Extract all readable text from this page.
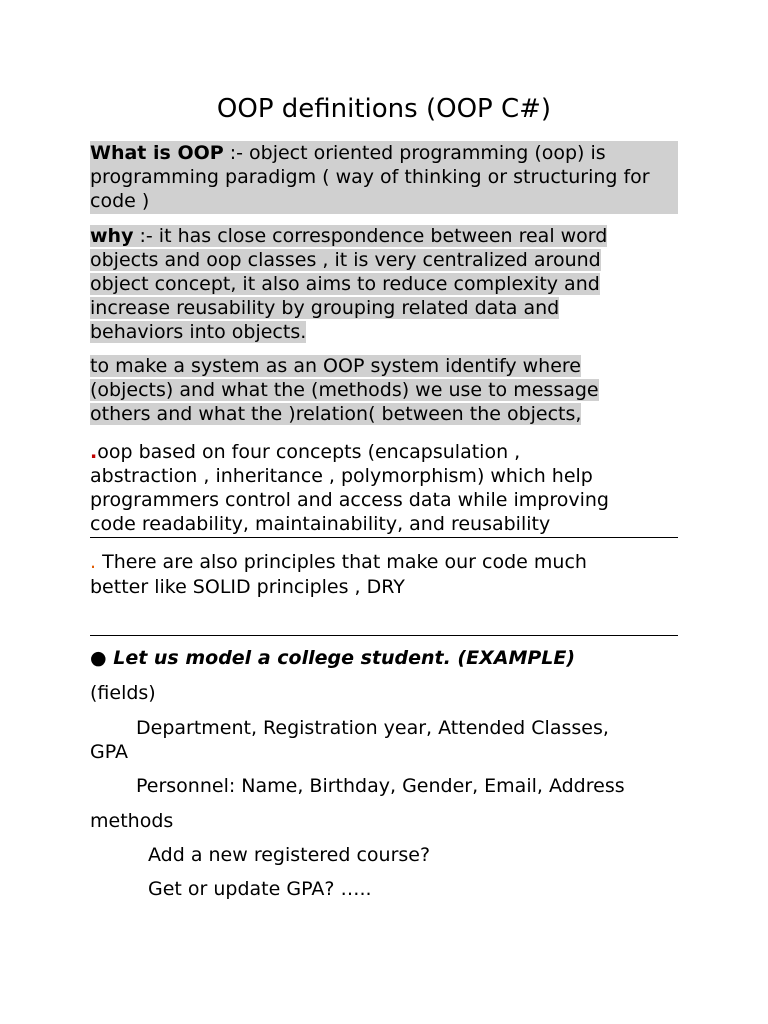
OOP definitions (OOP C#)
What is OOP :- object oriented programming (oop) is programming paradigm ( way of thinking or structuring for code )
why :- it has close correspondence between real word
objects and oop classes , it is very centralized around
object concept, it also aims to reduce complexity and
increase reusability by grouping related data and
behaviors into objects.
to make a system as an OOP system identify where
(objects) and what the (methods) we use to message
others and what the )relation( between the objects,
.oop based on four concepts (encapsulation ,
abstraction , inheritance , polymorphism) which help
programmers control and access data while improving
code readability, maintainability, and reusability
. There are also principles that make our code much
better like SOLID principles , DRY
● Let us model a college student. (EXAMPLE)
(fields)
Department, Registration year, Attended Classes,
GPA
Personnel: Name, Birthday, Gender, Email, Address
methods
Add a new registered course?
Get or update GPA? …..
